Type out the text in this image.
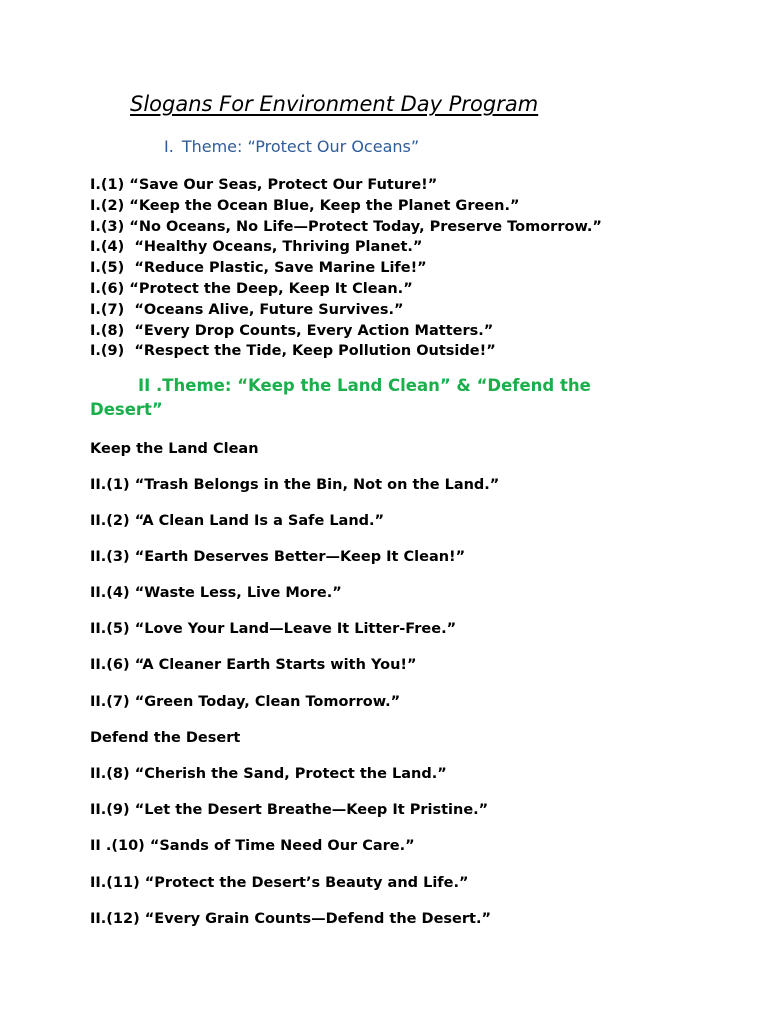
Slogans For Environment Day Program
I. Theme: “Protect Our Oceans”
I.(1) “Save Our Seas, Protect Our Future!”
I.(2) “Keep the Ocean Blue, Keep the Planet Green.”
I.(3) “No Oceans, No Life—Protect Today, Preserve Tomorrow.”
I.(4)  “Healthy Oceans, Thriving Planet.”
I.(5)  “Reduce Plastic, Save Marine Life!”
I.(6) “Protect the Deep, Keep It Clean.”
I.(7)  “Oceans Alive, Future Survives.”
I.(8)  “Every Drop Counts, Every Action Matters.”
I.(9)  “Respect the Tide, Keep Pollution Outside!”
II .Theme: “Keep the Land Clean” & “Defend the Desert”
Keep the Land Clean
II.(1) “Trash Belongs in the Bin, Not on the Land.”
II.(2) “A Clean Land Is a Safe Land.”
II.(3) “Earth Deserves Better—Keep It Clean!”
II.(4) “Waste Less, Live More.”
II.(5) “Love Your Land—Leave It Litter-Free.”
II.(6) “A Cleaner Earth Starts with You!”
II.(7) “Green Today, Clean Tomorrow.”
Defend the Desert
II.(8) “Cherish the Sand, Protect the Land.”
II.(9) “Let the Desert Breathe—Keep It Pristine.”
II .(10) “Sands of Time Need Our Care.”
II.(11) “Protect the Desert’s Beauty and Life.”
II.(12) “Every Grain Counts—Defend the Desert.”
